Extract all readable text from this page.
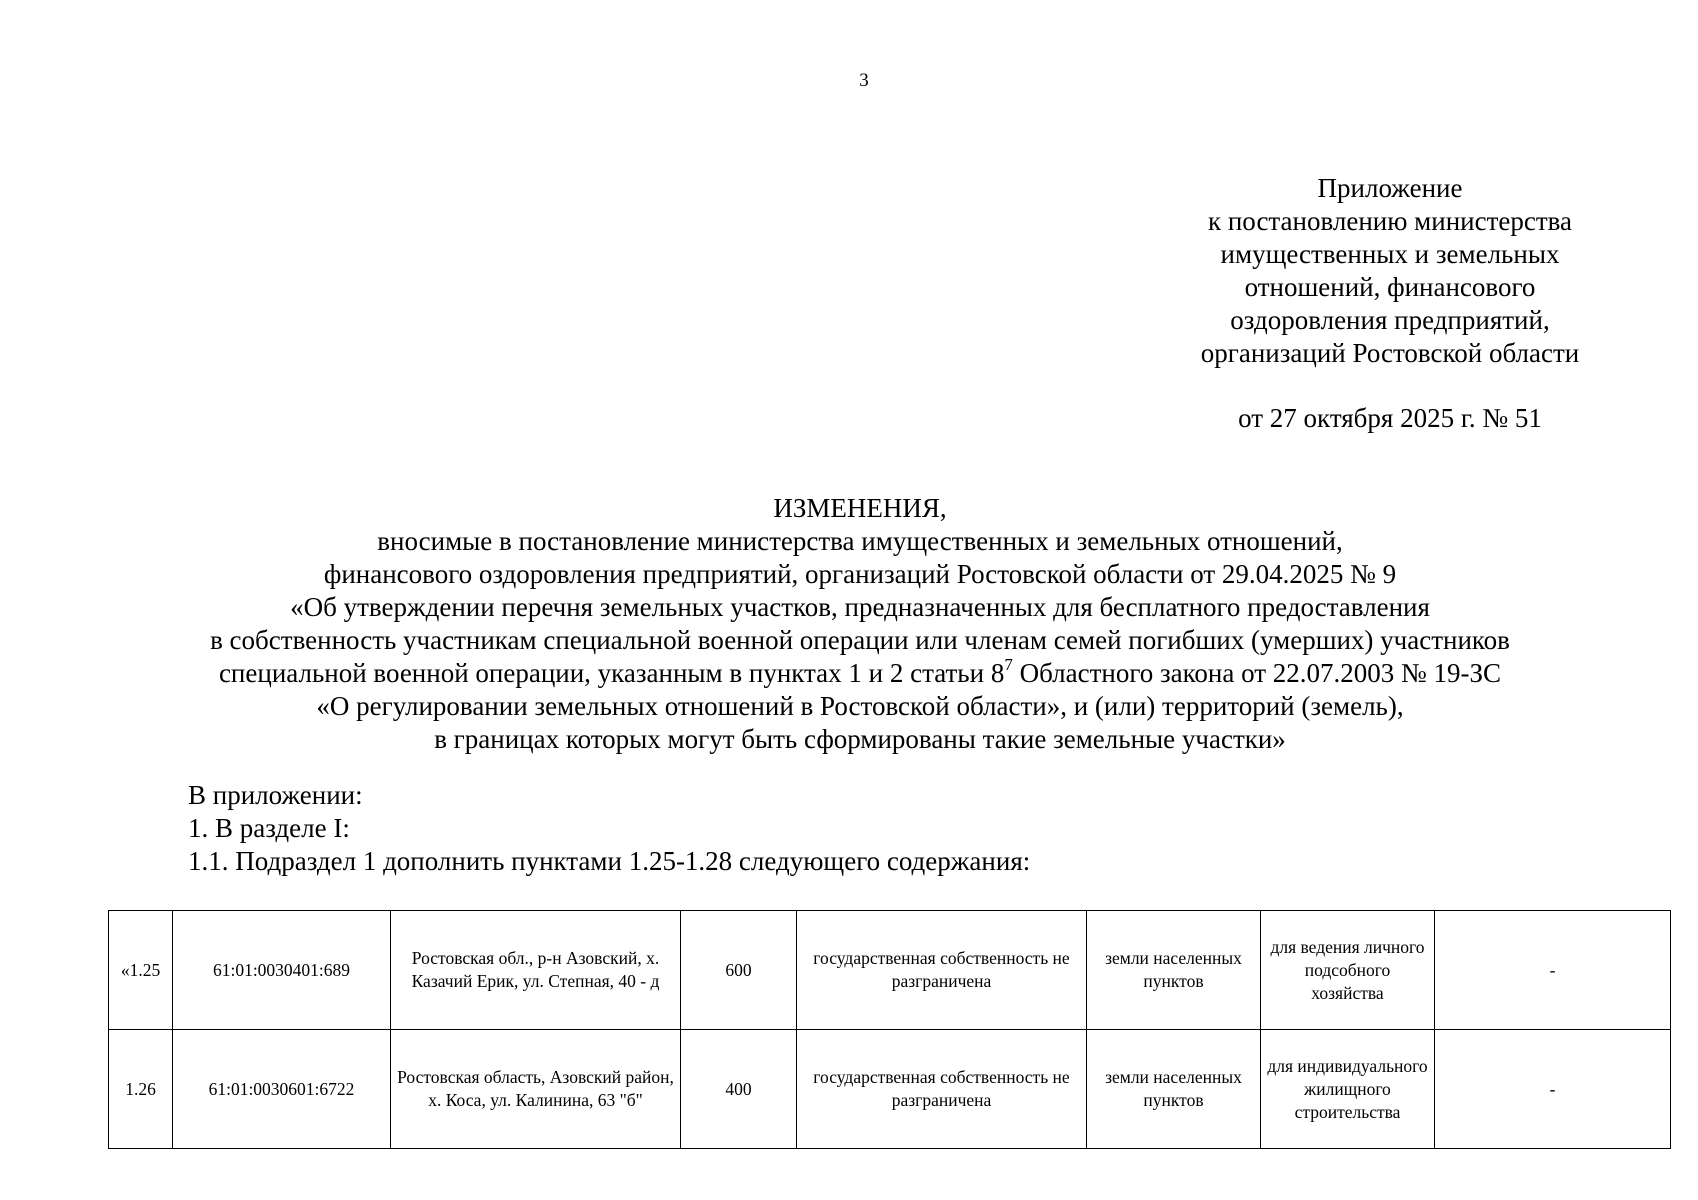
3
Приложение
к постановлению министерства
имущественных и земельных
отношений, финансового
оздоровления предприятий,
организаций Ростовской области
от 27 октября 2025 г. № 51
ИЗМЕНЕНИЯ,
вносимые в постановление министерства имущественных и земельных отношений,
финансового оздоровления предприятий, организаций Ростовской области от 29.04.2025 № 9
«Об утверждении перечня земельных участков, предназначенных для бесплатного предоставления
в собственность участникам специальной военной операции или членам семей погибших (умерших) участников
специальной военной операции, указанным в пунктах 1 и 2 статьи $8^7$ Областного закона от 22.07.2003 № 19-ЗС
«О регулировании земельных отношений в Ростовской области», и (или) территорий (земель),
в границах которых могут быть сформированы такие земельные участки»
В приложении:
1. В разделе I:
1.1. Подраздел 1 дополнить пунктами 1.25-1.28 следующего содержания:
«1.25	61:01:0030401:689	Ростовская обл., р-н Азовский, х. Казачий Ерик, ул. Степная, 40 - д	600	государственная собственность не разграничена	земли населенных пунктов	для ведения личного подсобного хозяйства	-
1.26	61:01:0030601:6722	Ростовская область, Азовский район, х. Коса, ул. Калинина, 63 "б"	400	государственная собственность не разграничена	земли населенных пунктов	для индивидуального жилищного строительства	-
